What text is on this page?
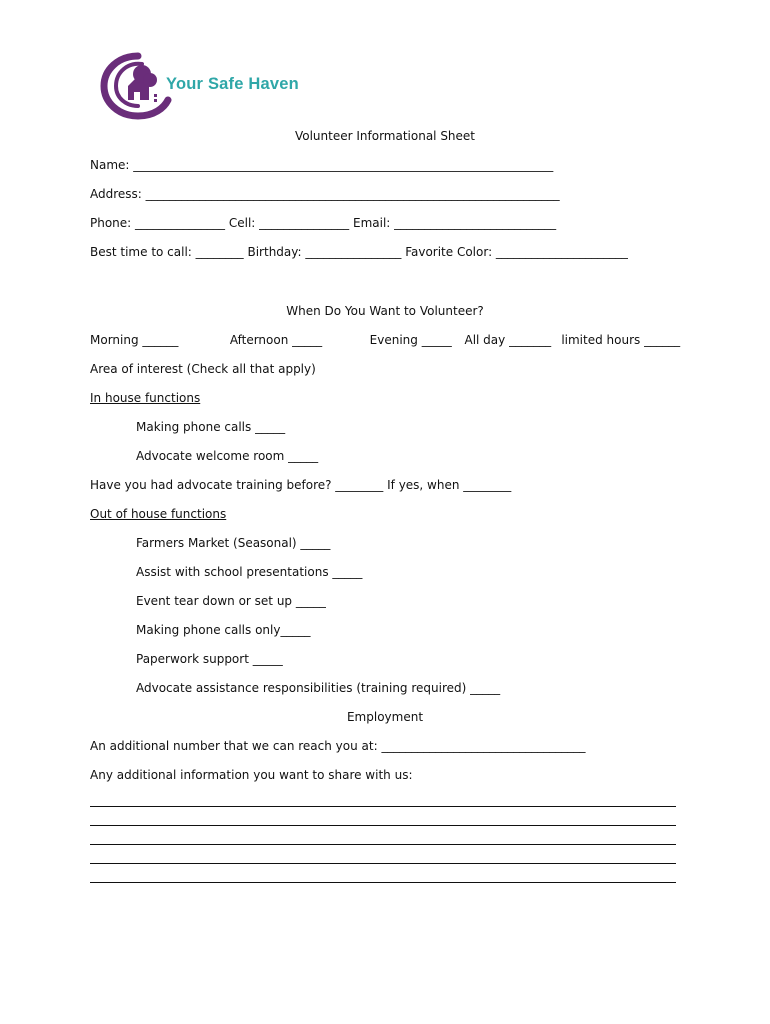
Your Safe Haven
Volunteer Informational Sheet
Name: ______________________________________________________________________
Address: _____________________________________________________________________
Phone: _______________ Cell: _______________ Email: ___________________________
Best time to call: ________ Birthday: ________________ Favorite Color: ______________________
When Do You Want to Volunteer?
Morning ______	Afternoon _____	Evening _____ All day _______ limited hours ______
Area of interest (Check all that apply)
In house functions
Making phone calls _____
Advocate welcome room _____
Have you had advocate training before? ________ If yes, when ________
Out of house functions
Farmers Market (Seasonal) _____
Assist with school presentations _____
Event tear down or set up _____
Making phone calls only_____
Paperwork support _____
Advocate assistance responsibilities (training required) _____
Employment
An additional number that we can reach you at: __________________________________
Any additional information you want to share with us:
